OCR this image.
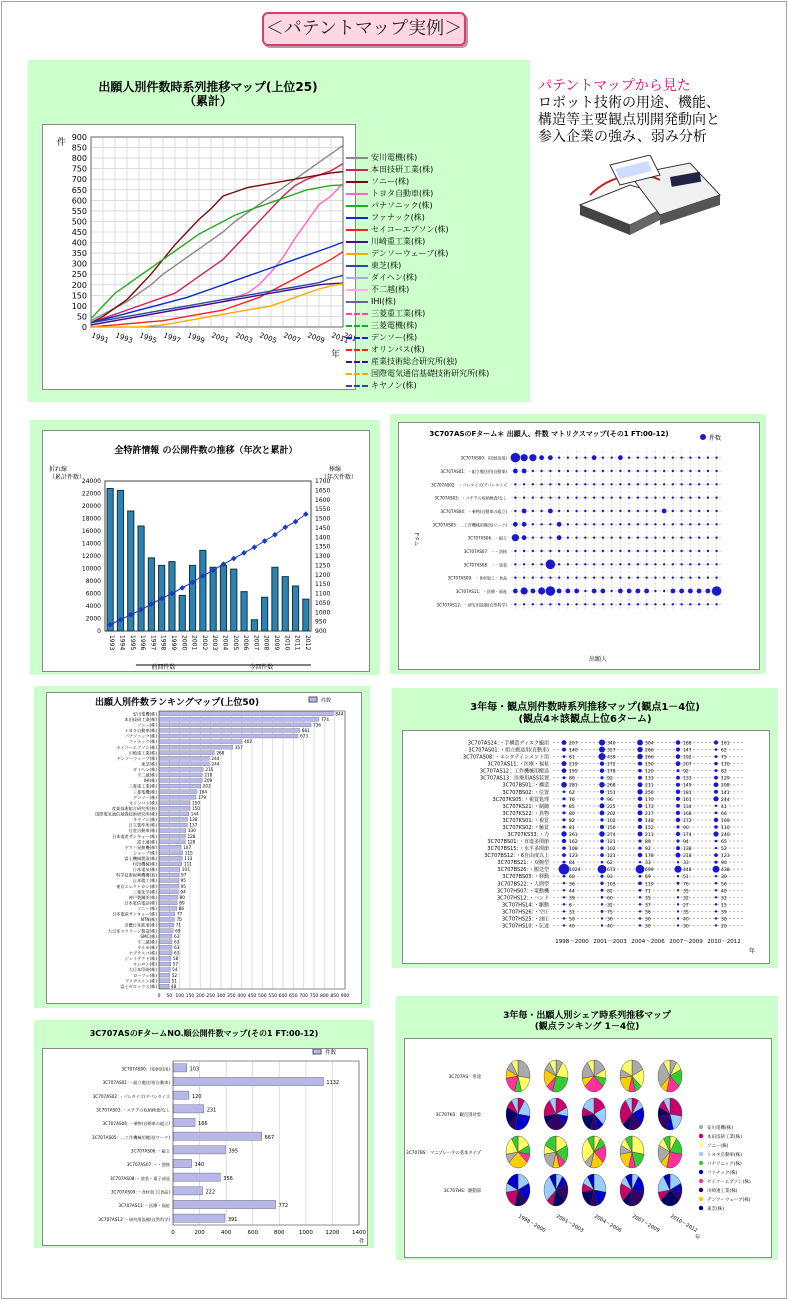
＜パテントマップ実例＞
出願人別件数時系列推移マップ(上位25)
（累計）
件
0
50
100
150
200
250
300
350
400
450
500
550
600
650
700
750
800
850
900
1991 1993 1995 1997 1999 2001 2003 2005 2007 2009 2011
2012
年
安川電機(株)
本田技研工業(株)
ソニー(株)
トヨタ自動車(株)
パナソニック(株)
ファナック(株)
セイコーエプソン(株)
川崎重工業(株)
デンソーウェーブ(株)
東芝(株)
ダイヘン(株)
不二越(株)
IHI(株)
三菱重工業(株)
三菱電機(株)
デンソー(株)
オリンパス(株)
産業技術総合研究所(独)
国際電気通信基礎技術研究所(株)
キヤノン(株)
パテントマップから見た
ロボット技術の用途、機能、
構造等主要観点別開発動向と
参入企業の強み、弱み分析
全特許情報 の公開件数の推移（年次と累計）
折れ線
（累計件数）
棒線
（年次件数）
0
2000
4000
6000
8000
10000
12000
14000
16000
18000
20000
22000
24000
900
950
1000
1050
1100
1150
1200
1250
1300
1350
1400
1450
1500
1550
1600
1650
1700
1993 1994 1995 1996 1997 1998 1999 2000 2001 2002 2003 2004 2005 2006 2007 2008 2009 2010 2011 2012
前回件数	今回件数
3C707ASのFターム＊ 出願人、件数 マトリクスマップ(その1 FT:00-12)
件数
Fタム
3C707AS00：用途(汎用)
3C707AS01：・組立搬送用(自動車)
3C707AS02：・パレタイズ/デパレタイズ
3C707AS03：・ステアの収納検査/なし
3C707AS04：・乗物(自動車の組立)
3C707AS05：…工作機械用搬送(ワーク)
3C707AS06：・組立
3C707AS07：・・溶接
3C707AS08：・・塗装
3C707AS09：・食材加工・食品
3C707AS11：・医療・福祉
3C707AS12：・研究用設備(自然科学)
出願人
出願人別件数ランキングマップ(上位50)	件数
0 50 100 150 200 250 300 350 400 450 500 550 600 650 700 750 800 850 900
安川電機(株)	844
本田技研工業(株)	774
ソニー(株)	736
トヨタ自動車(株)	681
パナソニック(株)	673
ファナック(株)	402
セイコーエプソン(株)	357
川崎重工業(株)	268
デンソーウェーブ(株)	244
東芝(株)	244
ダイヘン(株)	215
不二越(株)	210
IHI(株)	209
三菱重工業(株)	202
三菱電機(株)	184
デンソー(株)	179
オリンパス(株)	150
産業技術総合研究所(独)	150
国際電気通信基礎技術研究所(株)	144
キヤノン(株)	138
日立製作所(株)	137
日産自動車(株)	130
日本電産サンキョー(株)	128
富士通(株)	128
ヤマハ発動機(株)	107
シャープ(株)	115
富士機械製造(株)	113
村田機械(株)	111
日本電気(株)	101
科学技術振興機構(独)	97
日本精工(株)	95
東京エレクトロン(株)	95
三菱化学(株)	94
神戸製鋼所(株)	90
日本電信電話(株)	89
ソニー(株)	86
日本電産サンキョー(株)	77
NTN(株)	75
近畿日本鉄道(株)	71
大日本スクリーン製造(株)	69
SMC(株)	63
不二越(株)	63
テルモ(株)	63
ナブテスコ(株)	63
ジェイテクト(株)	58
オムロン(株)	57
大日本印刷(株)	54
ローツェ(株)	52
ブリヂストン(株)	51
富士ゼロックス(株)	48
3年毎・観点別件数時系列推移マップ(観点1－4位)
(観点4＊該観点上位6ターム)
3C707AS24：・手構造ディスク撮用	207	340	304	188	161
3C707AS01：・組立搬送用(自動車)	140	327	266	147	62
3C707AS08：・エンタテインメント用	61	439	266	192	75
3C707AS11：・医療・福祉	219	172	150	207	110
3C707AS12：工作機械用搬送	195	178	120	92	82
3C707AS13：医療用ASS装置	80	92	133	133	129
3C707BS01：・構造	281	268	211	149	208
3C707BS02：・位置	62	151	256	181	141
3C707KS05：・視覚処理	76	96	170	161	244
3C707KS21：・制御	85	225	173	134	41
3C707KS22：・異物	80	202	217	168	66
3C707KS01：・視覚	82	102	148	172	169
3C707KS02：・触覚	81	150	152	90	110
3C707KS33：・力	261	274	211	174	240
3C707BS01：・直進多関節	162	121	89	94	65
3C707BS15：・水平多関節	108	102	92	138	52
3C707BS12：・6自由度以上	123	121	178	218	123
3C707BS21：・双腕型	84	62	33	33	90
3C707BS26：・搬送型	1024	673	699	448	438
3C707BS03：・移動	60	93	69	51	30
3C707BS22：・人間型	36	103	119	76	56
3C707HS07：・電動機	44	82	71	35	40
3C707HS12：・ハンド	39	60	35	32	32
3C707HS14：・駆動	6	32	37	27	15
3C707HS26：・空圧	31	75	36	35	39
3C707HS25：・油圧	50	30	30	40	30
3C707HS10：・伝達	40	40	30	30	20
1998～2000 2001～2003 2004～2006 2007～2009 2010～2012
年
3C707ASのFタームNO.順公開件数マップ(その1 FT:00-12)
件数
0	200	400	600	800	1000 1200 1400
件
3C707AS00：用途(汎用)	103
3C707AS01：・組立搬送用(自動車)	1132
3C707AS02：・パレタイズ/デパレタイズ	120
3C707AS03：・ステアの収納検査/なし	231
3C707AS04：・乗物(自動車の組立)	166
3C707AS05：…工作機械用搬送(ワーク)	667
3C707AS06：・組立	395
3C707AS07：・・溶接	140
3C707AS08：・塗装・電子部品	356
3C707AS09：・食材加工(食品)	222
3C707AS11：・医療・福祉	772
3C707AS12：・研究用設備(自然科学)	391
3年毎・出願人別シェア時系列推移マップ
(観点ランキング 1－4位)
3C707AS：用途
3C707KS：観点別対象
3C707BS：マニプレータの基本タイプ
3C707HS：駆動部
1998～2000 2001～2003 2004～2006 2007～2009 2010～2012
年
安川電機(株)
本田技研工業(株)
ソニー(株)
トヨタ自動車(株)
パナソニック(株)
ファナック(株)
セイコーエプソン(株)
川崎重工業(株)
デンソーウェーブ(株)
東芝(株)
